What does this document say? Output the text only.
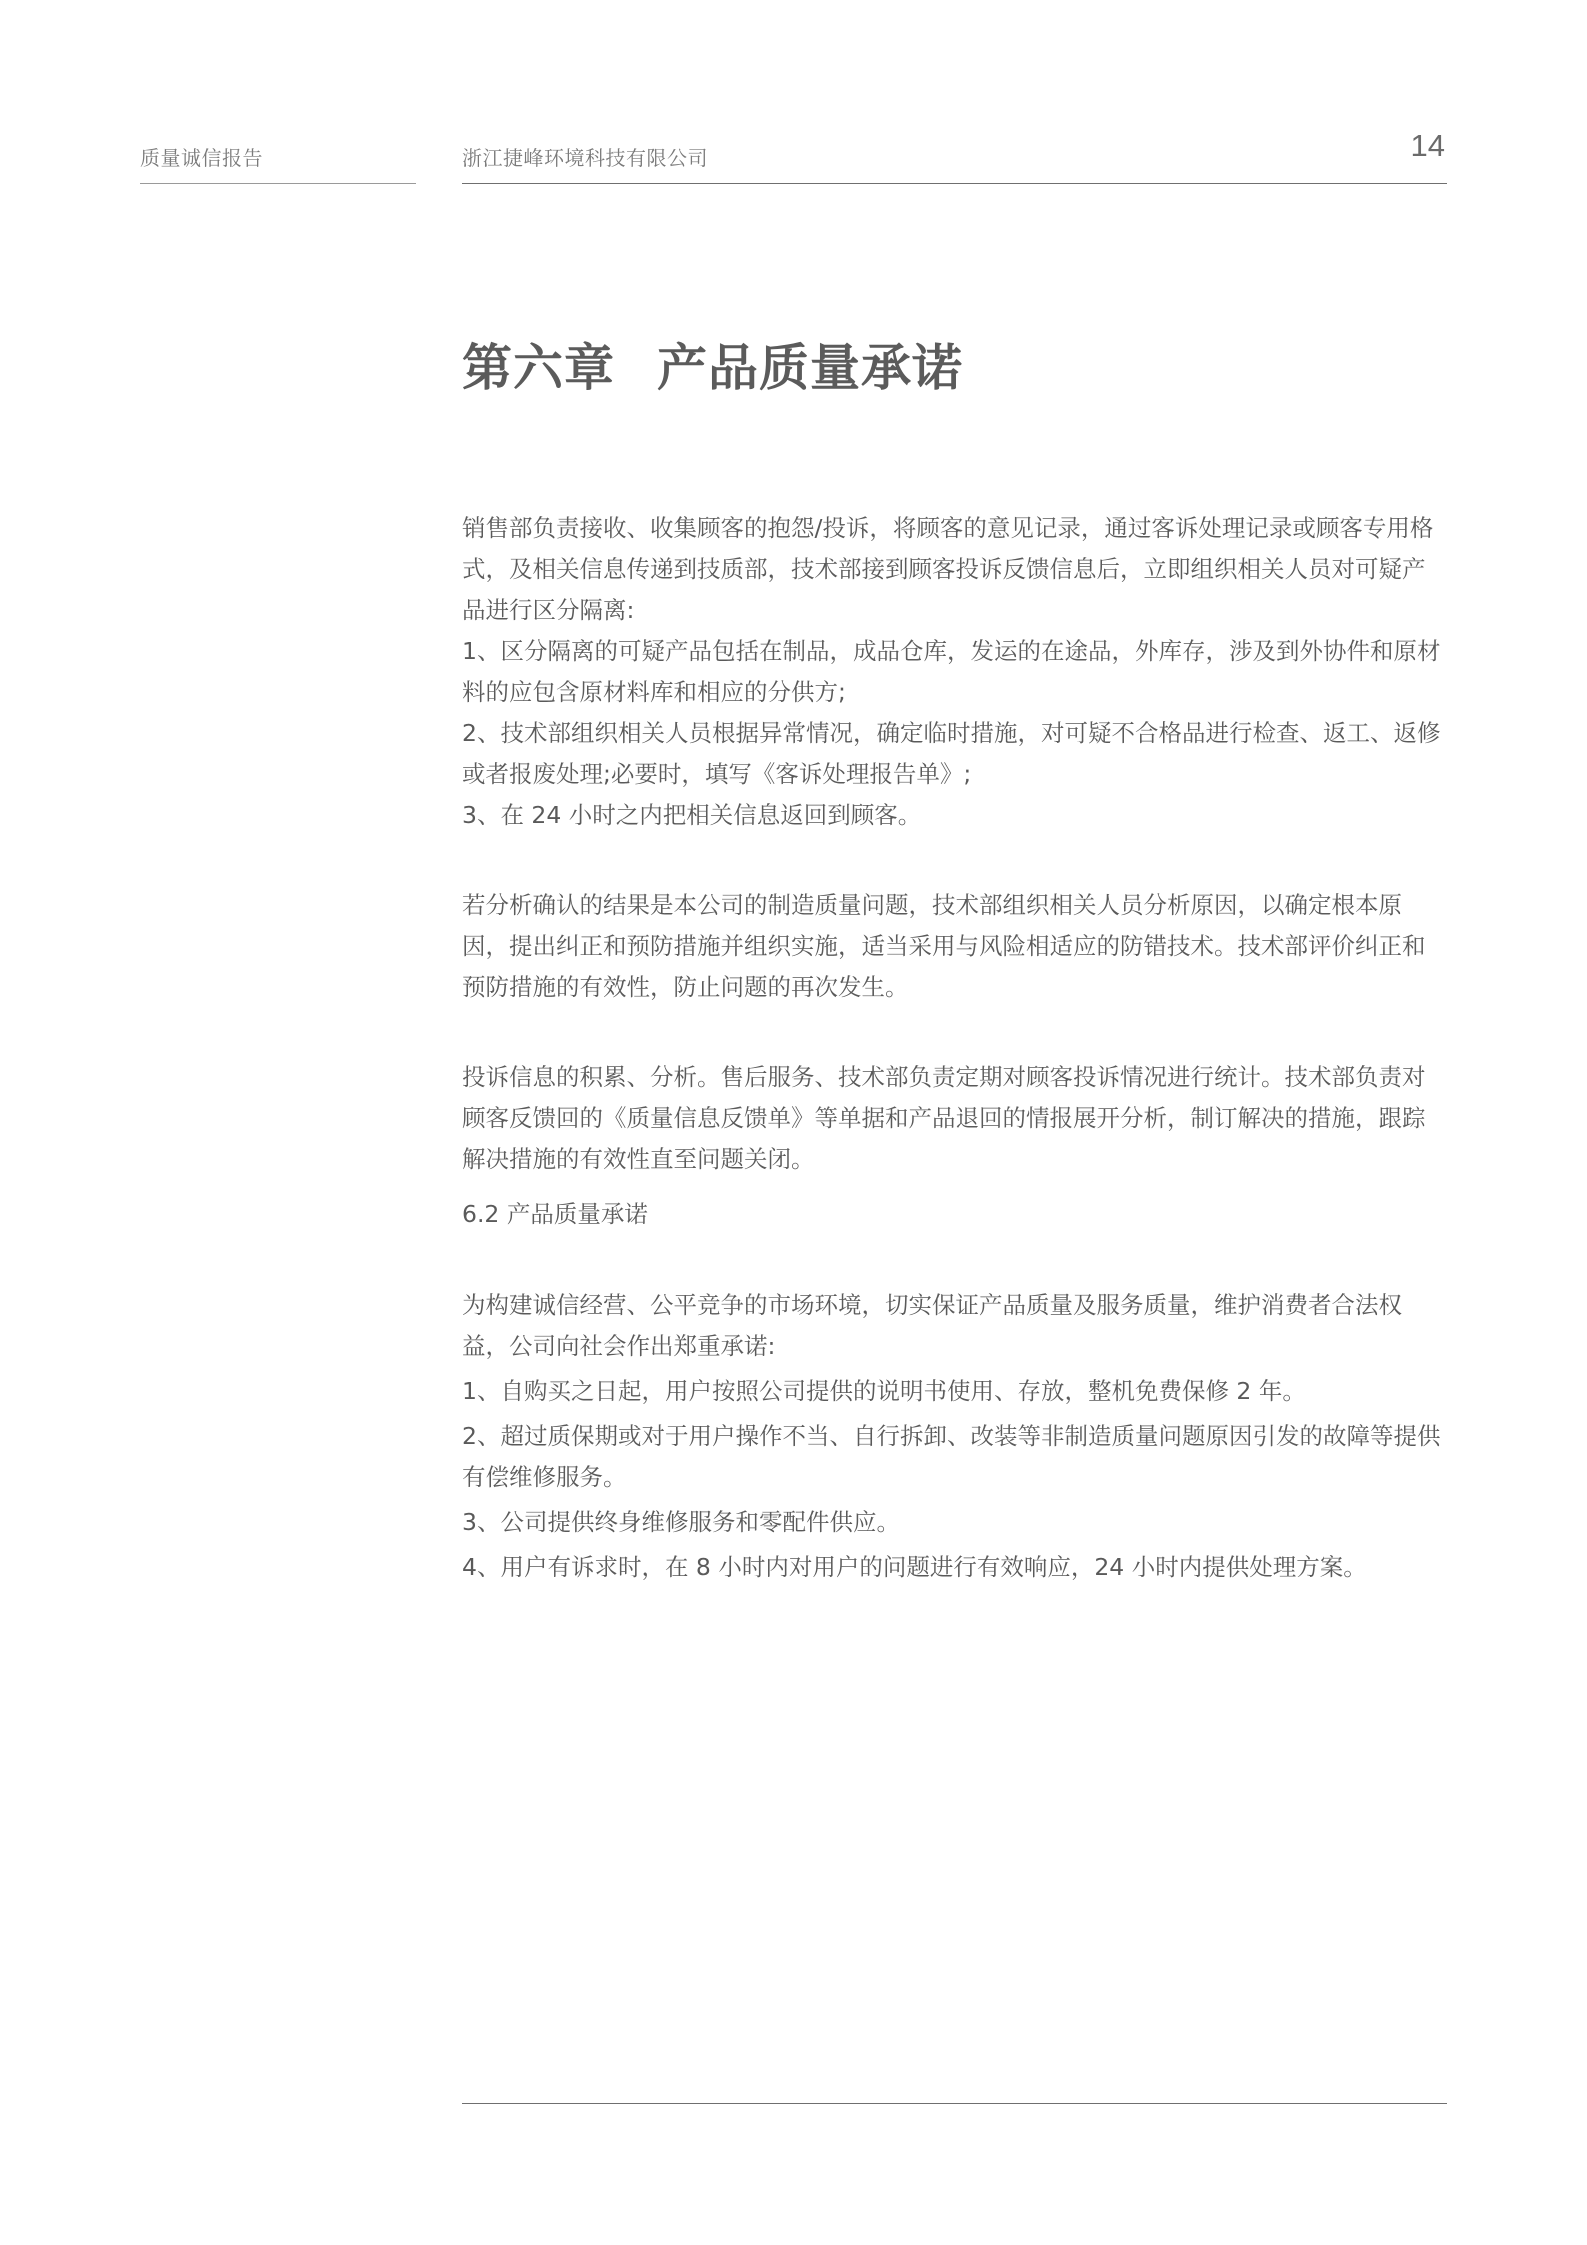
质量诚信报告	浙江捷峰环境科技有限公司	14
第六章 产品质量承诺

销售部负责接收、收集顾客的抱怨/投诉，将顾客的意见记录，通过客诉处理记录或顾客专用格式，及相关信息传递到技质部，技术部接到顾客投诉反馈信息后，立即组织相关人员对可疑产品进行区分隔离:

1、区分隔离的可疑产品包括在制品，成品仓库，发运的在途品，外库存，涉及到外协件和原材料的应包含原材料库和相应的分供方;

2、技术部组织相关人员根据异常情况，确定临时措施，对可疑不合格品进行检查、返工、返修或者报废处理;必要时，填写《客诉处理报告单》;

3、在 24 小时之内把相关信息返回到顾客。

若分析确认的结果是本公司的制造质量问题，技术部组织相关人员分析原因，以确定根本原因，提出纠正和预防措施并组织实施，适当采用与风险相适应的防错技术。技术部评价纠正和预防措施的有效性，防止问题的再次发生。

投诉信息的积累、分析。售后服务、技术部负责定期对顾客投诉情况进行统计。技术部负责对顾客反馈回的《质量信息反馈单》等单据和产品退回的情报展开分析，制订解决的措施，跟踪解决措施的有效性直至问题关闭。

6.2 产品质量承诺

为构建诚信经营、公平竞争的市场环境，切实保证产品质量及服务质量，维护消费者合法权益，公司向社会作出郑重承诺:

1、自购买之日起，用户按照公司提供的说明书使用、存放，整机免费保修 2 年。

2、超过质保期或对于用户操作不当、自行拆卸、改装等非制造质量问题原因引发的故障等提供有偿维修服务。

3、公司提供终身维修服务和零配件供应。

4、用户有诉求时，在 8 小时内对用户的问题进行有效响应，24 小时内提供处理方案。
